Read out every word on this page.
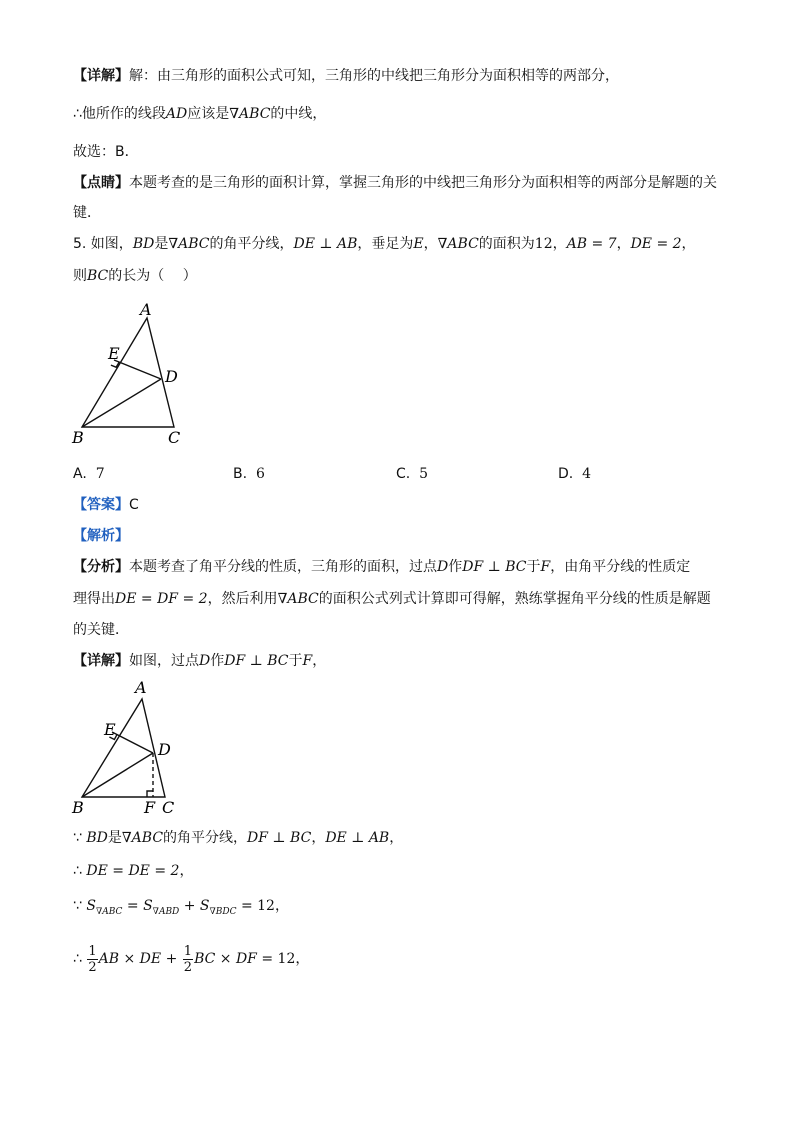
【详解】解：由三角形的面积公式可知，三角形的中线把三角形分为面积相等的两部分，
∴他所作的线段AD应该是∇ABC的中线，
故选：B．
【点睛】本题考查的是三角形的面积计算，掌握三角形的中线把三角形分为面积相等的两部分是解题的关
键．
5. 如图，BD是∇ABC的角平分线，DE ⊥ AB，垂足为E，∇ABC的面积为12，AB = 7，DE = 2，
则BC的长为（　 ）
A
E
D
B	C
A. 7	B. 6	C. 5	D. 4
【答案】C
【解析】
【分析】本题考查了角平分线的性质，三角形的面积，过点D作DF ⊥ BC于F，由角平分线的性质定
理得出DE = DF = 2，然后利用∇ABC的面积公式列式计算即可得解，熟练掌握角平分线的性质是解题
的关键．
【详解】如图，过点D作DF ⊥ BC于F，
A
E
D
B	F C
∵ BD是∇ABC的角平分线，DF ⊥ BC，DE ⊥ AB，
∴ DE = DE = 2，
∵ $S_{\nabla ABC} = S_{\nabla ABD} + S_{\nabla BDC} = 12$，
∴ $\frac{1}{2}$ AB × DE + $\frac{1}{2}$ BC × DF = 12，
